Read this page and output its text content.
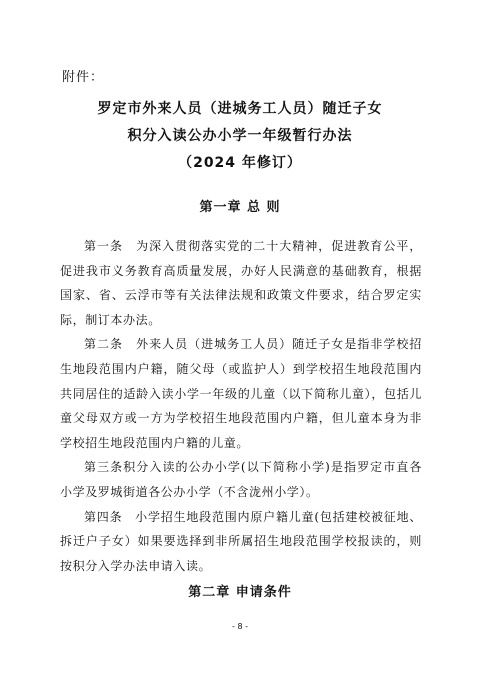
附件：
罗定市外来人员（进城务工人员）随迁子女
积分入读公办小学一年级暂行办法
（2024 年修订）
第一章 总 则

第一条　为深入贯彻落实党的二十大精神，促进教育公平，促进我市义务教育高质量发展，办好人民满意的基础教育，根据国家、省、云浮市等有关法律法规和政策文件要求，结合罗定实际，制订本办法。

第二条　外来人员（进城务工人员）随迁子女是指非学校招生地段范围内户籍，随父母（或监护人）到学校招生地段范围内共同居住的适龄入读小学一年级的儿童（以下简称儿童），包括儿童父母双方或一方为学校招生地段范围内户籍，但儿童本身为非学校招生地段范围内户籍的儿童。

第三条积分入读的公办小学(以下简称小学)是指罗定市直各小学及罗城街道各公办小学（不含泷州小学）。

第四条　小学招生地段范围内原户籍儿童(包括建校被征地、拆迁户子女）如果要选择到非所属招生地段范围学校报读的，则按积分入学办法申请入读。

第二章 申请条件
- 8 -
